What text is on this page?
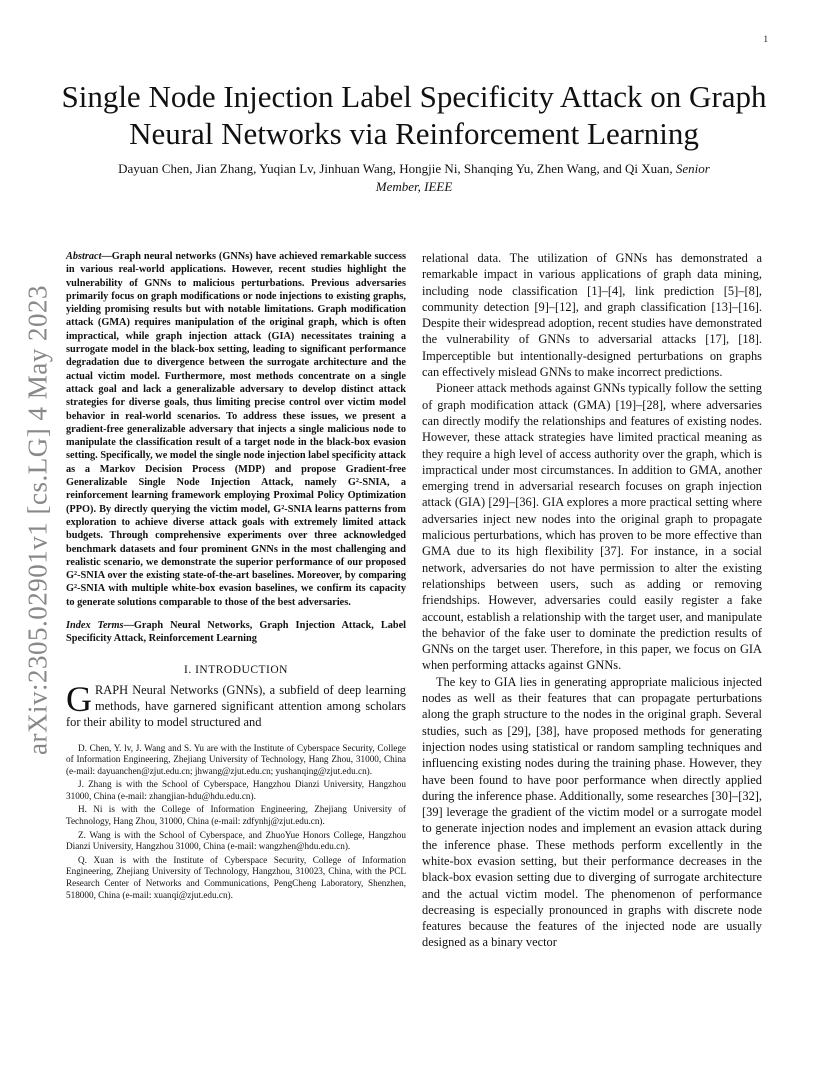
1
arXiv:2305.02901v1 [cs.LG] 4 May 2023
Single Node Injection Label Specificity Attack on Graph Neural Networks via Reinforcement Learning
Dayuan Chen, Jian Zhang, Yuqian Lv, Jinhuan Wang, Hongjie Ni, Shanqing Yu, Zhen Wang, and Qi Xuan, Senior Member, IEEE

Abstract—Graph neural networks (GNNs) have achieved remarkable success in various real-world applications. However, recent studies highlight the vulnerability of GNNs to malicious perturbations. Previous adversaries primarily focus on graph modifications or node injections to existing graphs, yielding promising results but with notable limitations. Graph modification attack (GMA) requires manipulation of the original graph, which is often impractical, while graph injection attack (GIA) necessitates training a surrogate model in the black-box setting, leading to significant performance degradation due to divergence between the surrogate architecture and the actual victim model. Furthermore, most methods concentrate on a single attack goal and lack a generalizable adversary to develop distinct attack strategies for diverse goals, thus limiting precise control over victim model behavior in real-world scenarios. To address these issues, we present a gradient-free generalizable adversary that injects a single malicious node to manipulate the classification result of a target node in the black-box evasion setting. Specifically, we model the single node injection label specificity attack as a Markov Decision Process (MDP) and propose Gradient-free Generalizable Single Node Injection Attack, namely G²-SNIA, a reinforcement learning framework employing Proximal Policy Optimization (PPO). By directly querying the victim model, G²-SNIA learns patterns from exploration to achieve diverse attack goals with extremely limited attack budgets. Through comprehensive experiments over three acknowledged benchmark datasets and four prominent GNNs in the most challenging and realistic scenario, we demonstrate the superior performance of our proposed G²-SNIA over the existing state-of-the-art baselines. Moreover, by comparing G²-SNIA with multiple white-box evasion baselines, we confirm its capacity to generate solutions comparable to those of the best adversaries.

Index Terms—Graph Neural Networks, Graph Injection Attack, Label Specificity Attack, Reinforcement Learning

I. INTRODUCTION

GRAPH Neural Networks (GNNs), a subfield of deep learning methods, have garnered significant attention among scholars for their ability to model structured and

D. Chen, Y. lv, J. Wang and S. Yu are with the Institute of Cyberspace Security, College of Information Engineering, Zhejiang University of Technology, Hang Zhou, 31000, China (e-mail: dayuanchen@zjut.edu.cn; jhwang@zjut.edu.cn; yushanqing@zjut.edu.cn).

J. Zhang is with the School of Cyberspace, Hangzhou Dianzi University, Hangzhou 31000, China (e-mail: zhangjian-hdu@hdu.edu.cn).

H. Ni is with the College of Information Engineering, Zhejiang University of Technology, Hang Zhou, 31000, China (e-mail: zdfynhj@zjut.edu.cn).

Z. Wang is with the School of Cyberspace, and ZhuoYue Honors College, Hangzhou Dianzi University, Hangzhou 31000, China (e-mail: wangzhen@hdu.edu.cn).

Q. Xuan is with the Institute of Cyberspace Security, College of Information Engineering, Zhejiang University of Technology, Hangzhou, 310023, China, with the PCL Research Center of Networks and Communications, PengCheng Laboratory, Shenzhen, 518000, China (e-mail: xuanqi@zjut.edu.cn).

relational data. The utilization of GNNs has demonstrated a remarkable impact in various applications of graph data mining, including node classification [1]–[4], link prediction [5]–[8], community detection [9]–[12], and graph classification [13]–[16]. Despite their widespread adoption, recent studies have demonstrated the vulnerability of GNNs to adversarial attacks [17], [18]. Imperceptible but intentionally-designed perturbations on graphs can effectively mislead GNNs to make incorrect predictions.

Pioneer attack methods against GNNs typically follow the setting of graph modification attack (GMA) [19]–[28], where adversaries can directly modify the relationships and features of existing nodes. However, these attack strategies have limited practical meaning as they require a high level of access authority over the graph, which is impractical under most circumstances. In addition to GMA, another emerging trend in adversarial research focuses on graph injection attack (GIA) [29]–[36]. GIA explores a more practical setting where adversaries inject new nodes into the original graph to propagate malicious perturbations, which has proven to be more effective than GMA due to its high flexibility [37]. For instance, in a social network, adversaries do not have permission to alter the existing relationships between users, such as adding or removing friendships. However, adversaries could easily register a fake account, establish a relationship with the target user, and manipulate the behavior of the fake user to dominate the prediction results of GNNs on the target user. Therefore, in this paper, we focus on GIA when performing attacks against GNNs.

The key to GIA lies in generating appropriate malicious injected nodes as well as their features that can propagate perturbations along the graph structure to the nodes in the original graph. Several studies, such as [29], [38], have proposed methods for generating injection nodes using statistical or random sampling techniques and influencing existing nodes during the training phase. However, they have been found to have poor performance when directly applied during the inference phase. Additionally, some researches [30]–[32], [39] leverage the gradient of the victim model or a surrogate model to generate injection nodes and implement an evasion attack during the inference phase. These methods perform excellently in the white-box evasion setting, but their performance decreases in the black-box evasion setting due to diverging of surrogate architecture and the actual victim model. The phenomenon of performance decreasing is especially pronounced in graphs with discrete node features because the features of the injected node are usually designed as a binary vector
